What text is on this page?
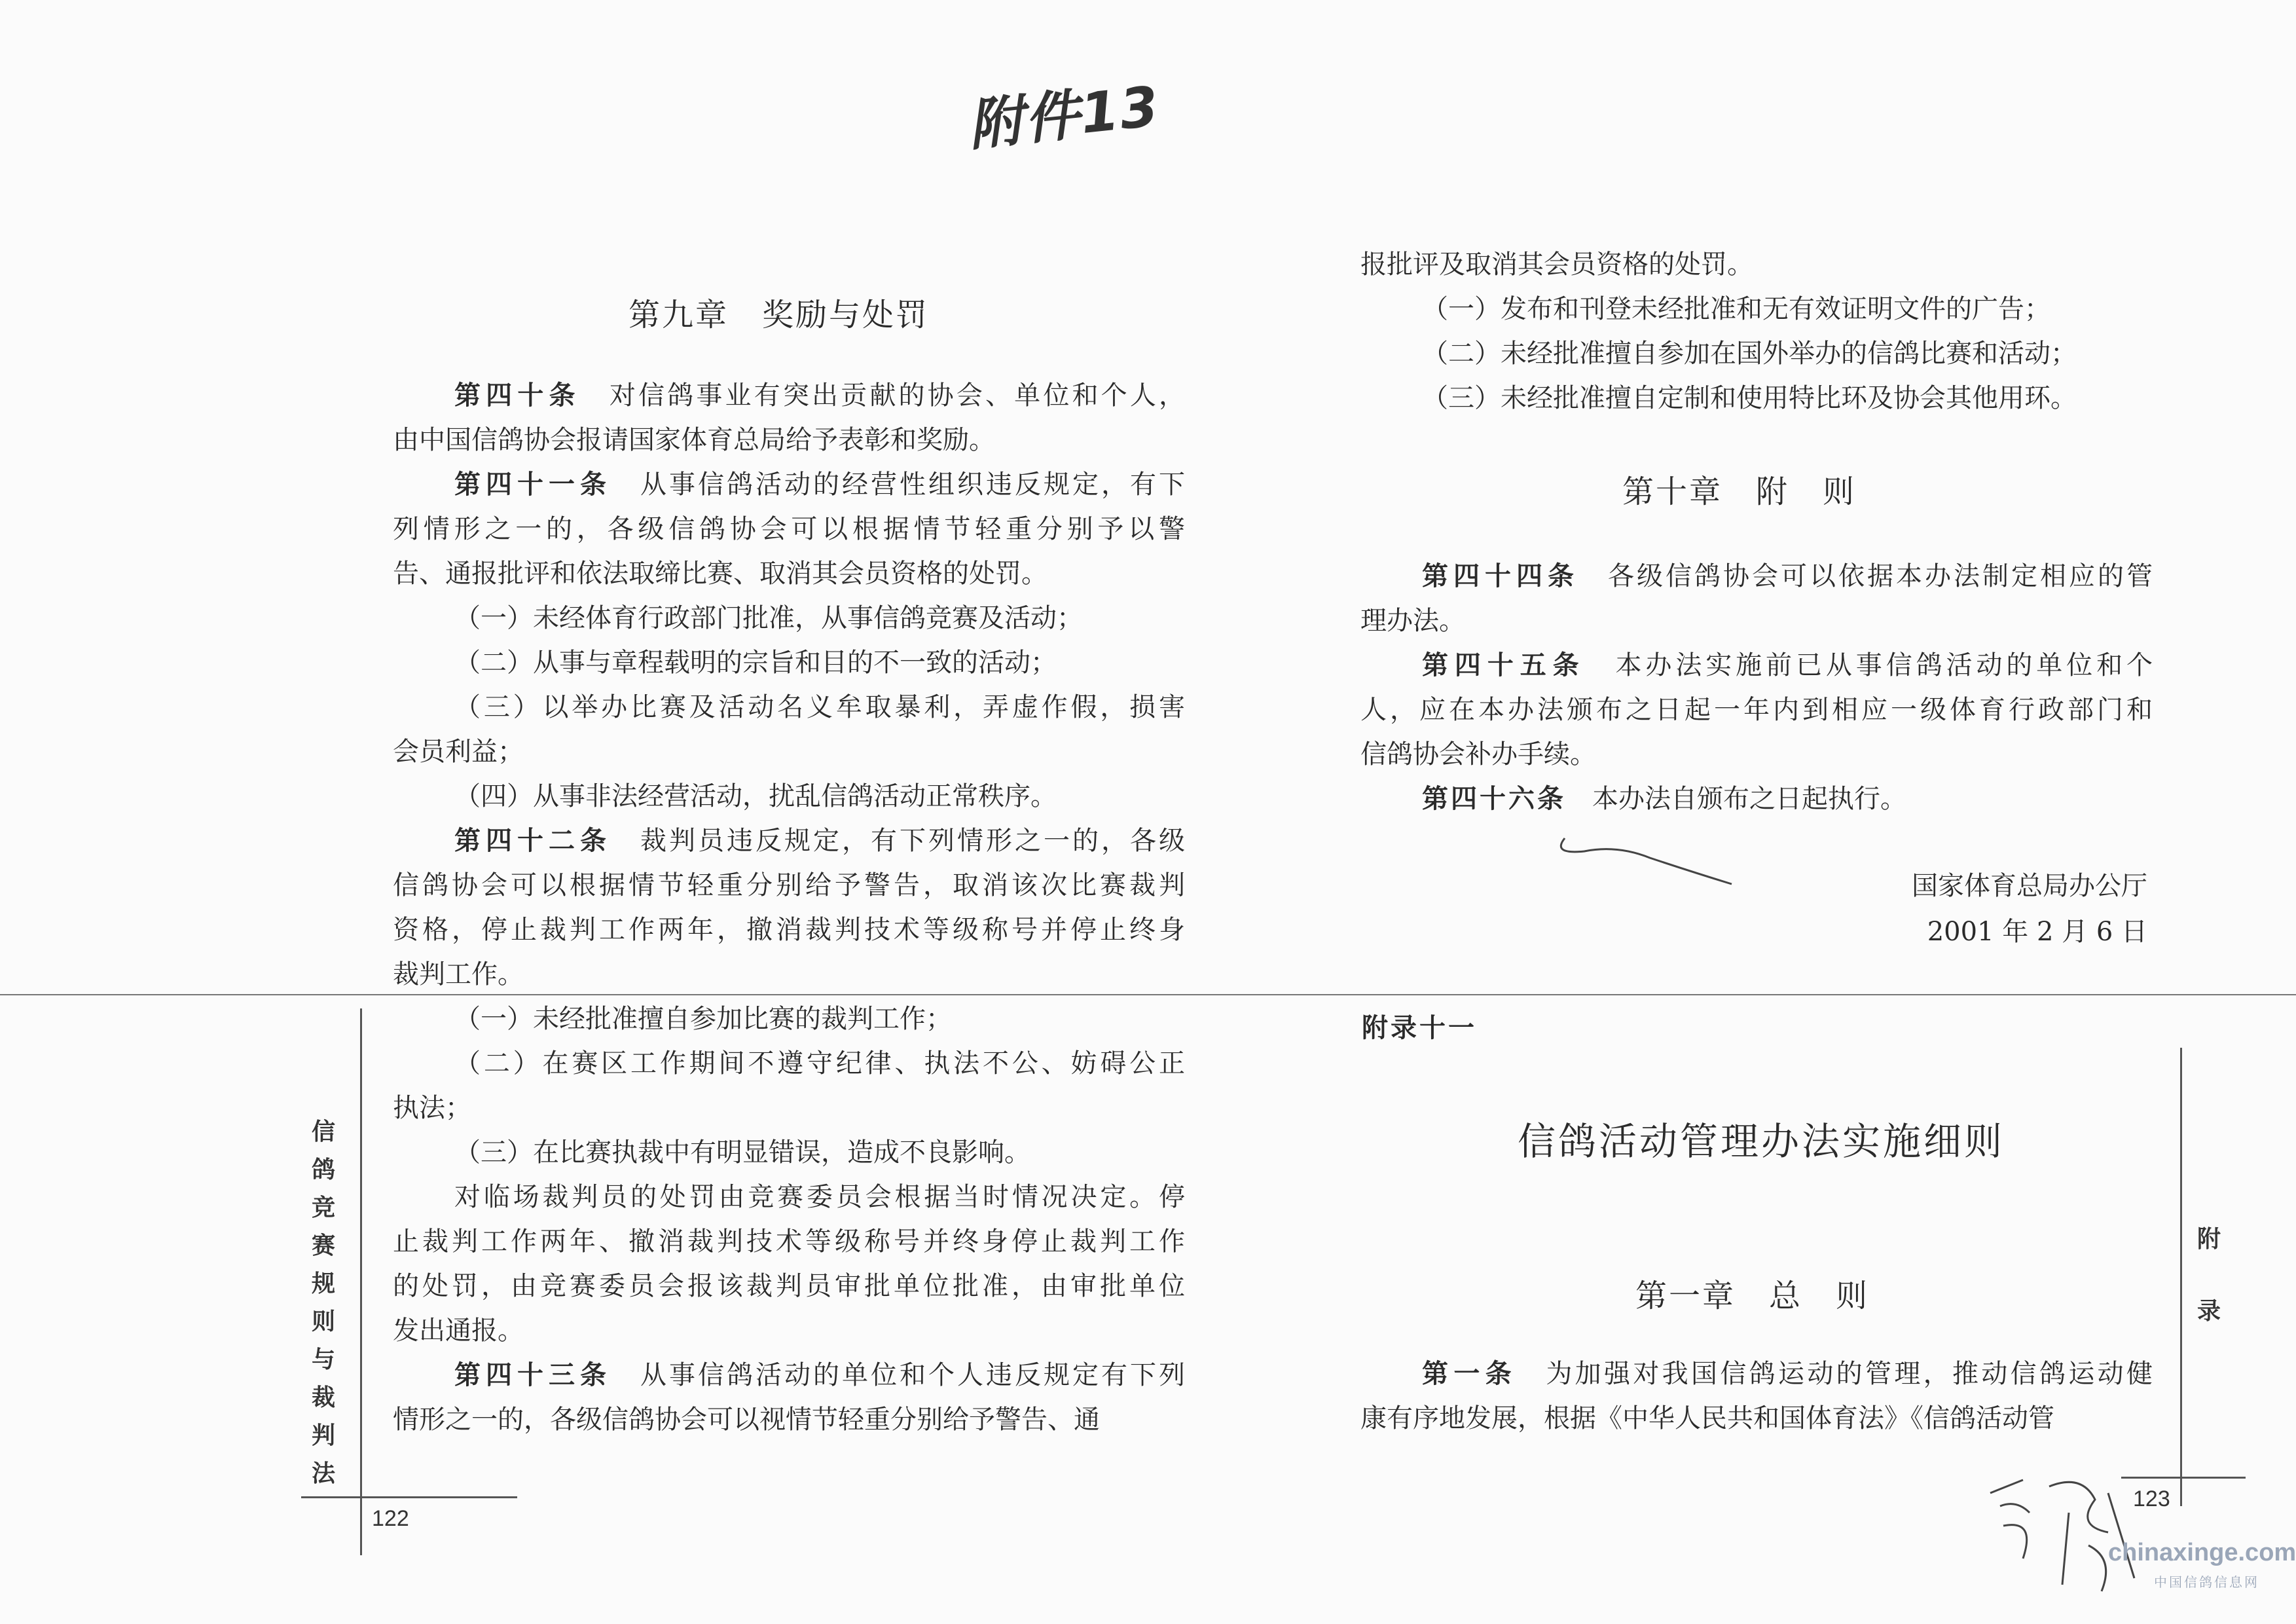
附件13
第九章　奖励与处罚
第四十条　对信鸽事业有突出贡献的协会、单位和个人，
由中国信鸽协会报请国家体育总局给予表彰和奖励。
第四十一条　从事信鸽活动的经营性组织违反规定，有下
列情形之一的，各级信鸽协会可以根据情节轻重分别予以警
告、通报批评和依法取缔比赛、取消其会员资格的处罚。
（一）未经体育行政部门批准，从事信鸽竞赛及活动；
（二）从事与章程载明的宗旨和目的不一致的活动；
（三）以举办比赛及活动名义牟取暴利，弄虚作假，损害
会员利益；
（四）从事非法经营活动，扰乱信鸽活动正常秩序。
第四十二条　裁判员违反规定，有下列情形之一的，各级
信鸽协会可以根据情节轻重分别给予警告，取消该次比赛裁判
资格，停止裁判工作两年，撤消裁判技术等级称号并停止终身
裁判工作。
（一）未经批准擅自参加比赛的裁判工作；
（二）在赛区工作期间不遵守纪律、执法不公、妨碍公正
执法；
（三）在比赛执裁中有明显错误，造成不良影响。
对临场裁判员的处罚由竞赛委员会根据当时情况决定。停
止裁判工作两年、撤消裁判技术等级称号并终身停止裁判工作
的处罚，由竞赛委员会报该裁判员审批单位批准，由审批单位
发出通报。
第四十三条　从事信鸽活动的单位和个人违反规定有下列
情形之一的，各级信鸽协会可以视情节轻重分别给予警告、通
信
鸽
竞
赛
规
则
与
裁
判
法
122
报批评及取消其会员资格的处罚。
（一）发布和刊登未经批准和无有效证明文件的广告；
（二）未经批准擅自参加在国外举办的信鸽比赛和活动；
（三）未经批准擅自定制和使用特比环及协会其他用环。
第十章　附　则
第四十四条　各级信鸽协会可以依据本办法制定相应的管
理办法。
第四十五条　本办法实施前已从事信鸽活动的单位和个
人，应在本办法颁布之日起一年内到相应一级体育行政部门和
信鸽协会补办手续。
第四十六条　本办法自颁布之日起执行。
国家体育总局办公厅
2001 年 2 月 6 日
附录十一
信鸽活动管理办法实施细则
第一章　总　则
第一条　为加强对我国信鸽运动的管理，推动信鸽运动健
康有序地发展，根据《中华人民共和国体育法》《信鸽活动管
附　录
123
chinaxinge.com
中国信鸽信息网
